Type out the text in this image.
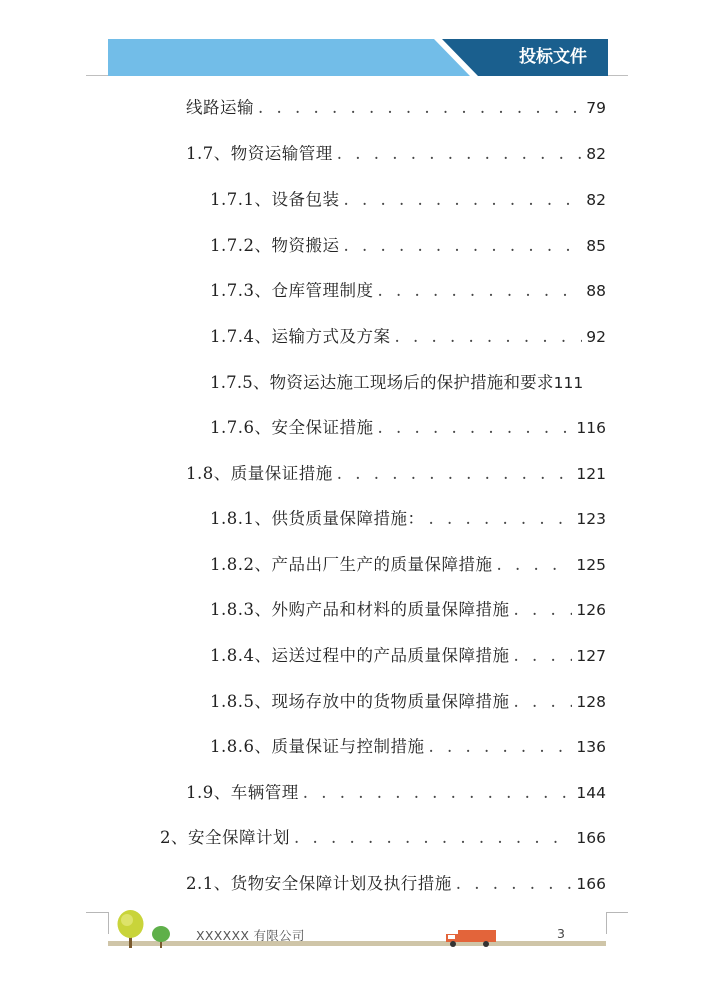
投标文件
线路运输 . . .	79
1.7、物资运输管理 . . .	82
1.7.1、设备包装 . . .	82
1.7.2、物资搬运 . . .	85
1.7.3、仓库管理制度 . . .	88
1.7.4、运输方式及方案 . . .	92
1.7.5、物资运达施工现场后的保护措施和要求 111
1.7.6、安全保证措施 . . .	116
1.8、质量保证措施 . . .	121
1.8.1、供货质量保障措施： . . .	123
1.8.2、产品出厂生产的质量保障措施 . . .	125
1.8.3、外购产品和材料的质量保障措施 . . .	126
1.8.4、运送过程中的产品质量保障措施 . . .	127
1.8.5、现场存放中的货物质量保障措施 . . .	128
1.8.6、质量保证与控制措施 . . .	136
1.9、车辆管理 . . .	144
2、安全保障计划 . . .	166
2.1、货物安全保障计划及执行措施 . . .	166
XXXXXX 有限公司	3
